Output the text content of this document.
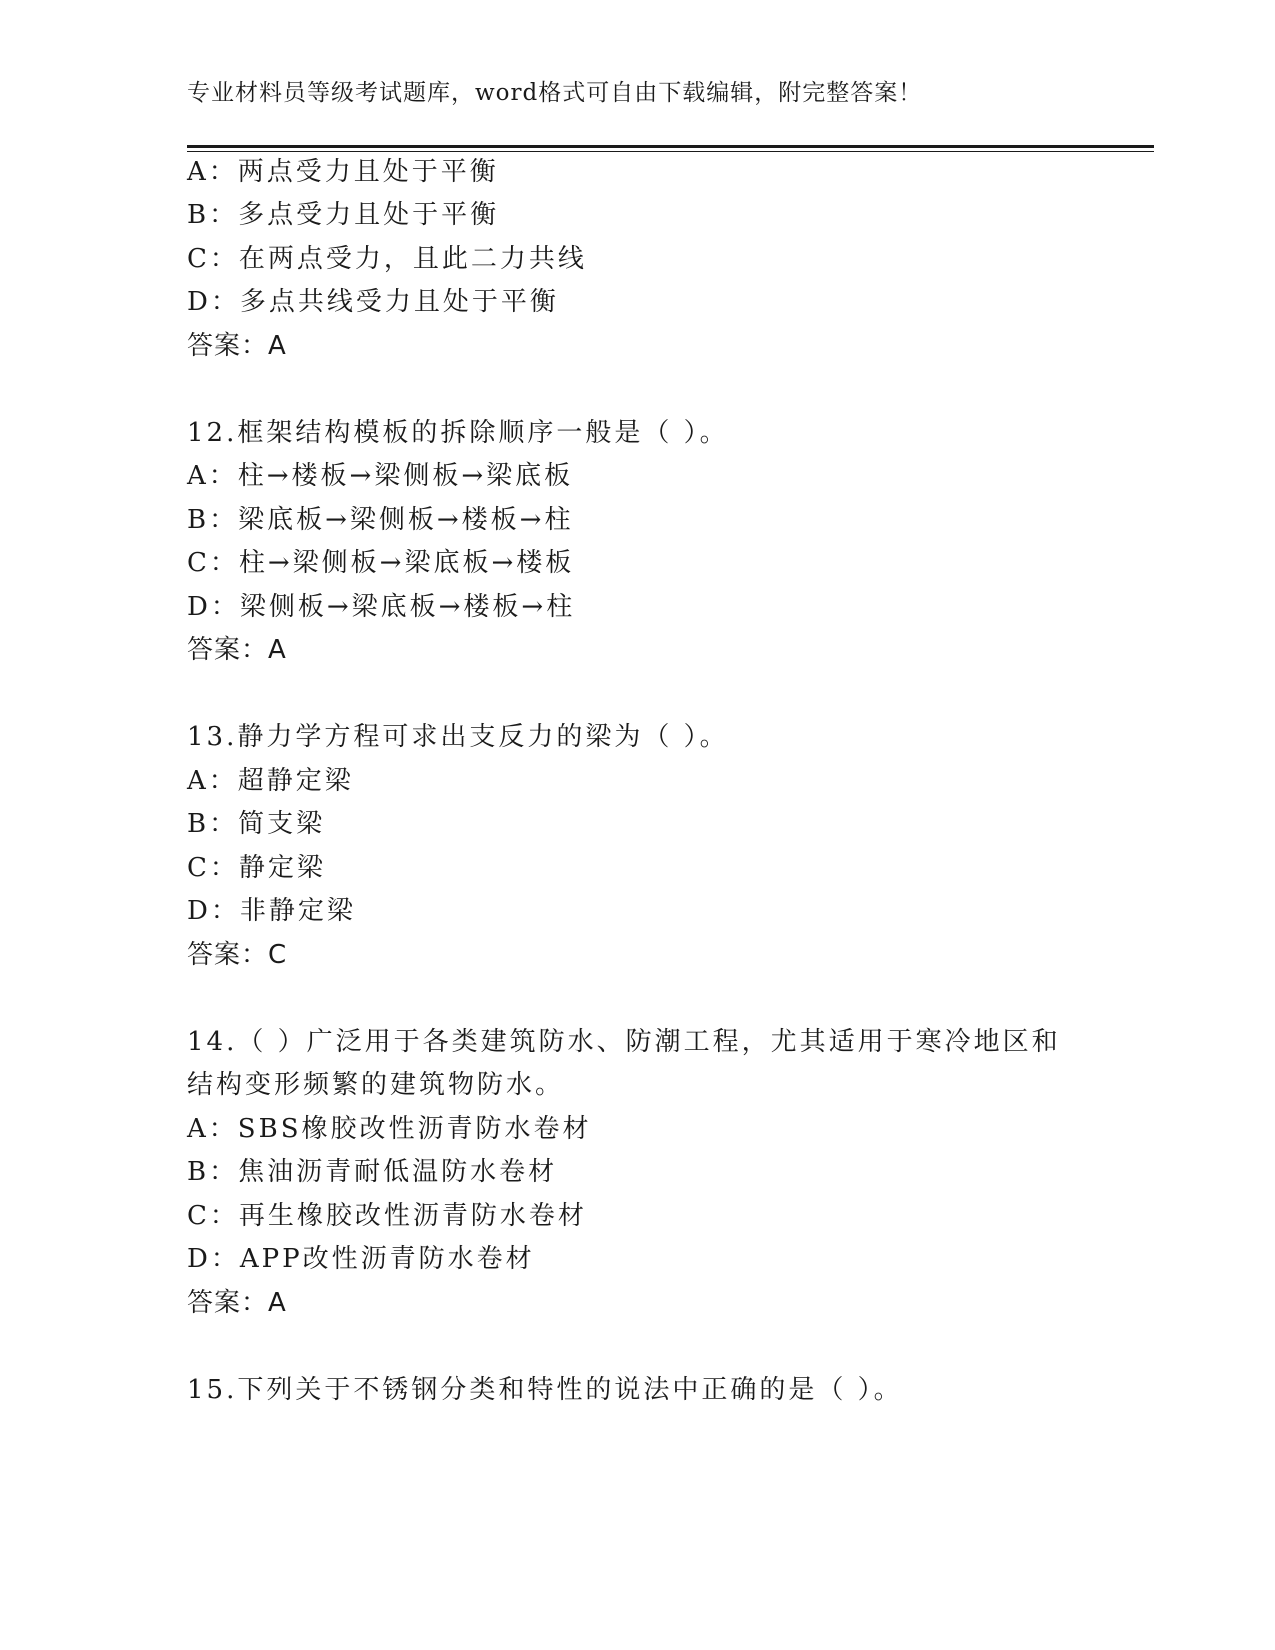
专业材料员等级考试题库，word格式可自由下载编辑，附完整答案！
A：两点受力且处于平衡
B：多点受力且处于平衡
C：在两点受力，且此二力共线
D：多点共线受力且处于平衡
答案：A
12.框架结构模板的拆除顺序一般是（ ）。
A：柱→楼板→梁侧板→梁底板
B：梁底板→梁侧板→楼板→柱
C：柱→梁侧板→梁底板→楼板
D：梁侧板→梁底板→楼板→柱
答案：A
13.静力学方程可求出支反力的梁为（ ）。
A：超静定梁
B：简支梁
C：静定梁
D：非静定梁
答案：C
14.（ ）广泛用于各类建筑防水、防潮工程，尤其适用于寒冷地区和
结构变形频繁的建筑物防水。
A：SBS橡胶改性沥青防水卷材
B：焦油沥青耐低温防水卷材
C：再生橡胶改性沥青防水卷材
D：APP改性沥青防水卷材
答案：A
15.下列关于不锈钢分类和特性的说法中正确的是（ ）。
